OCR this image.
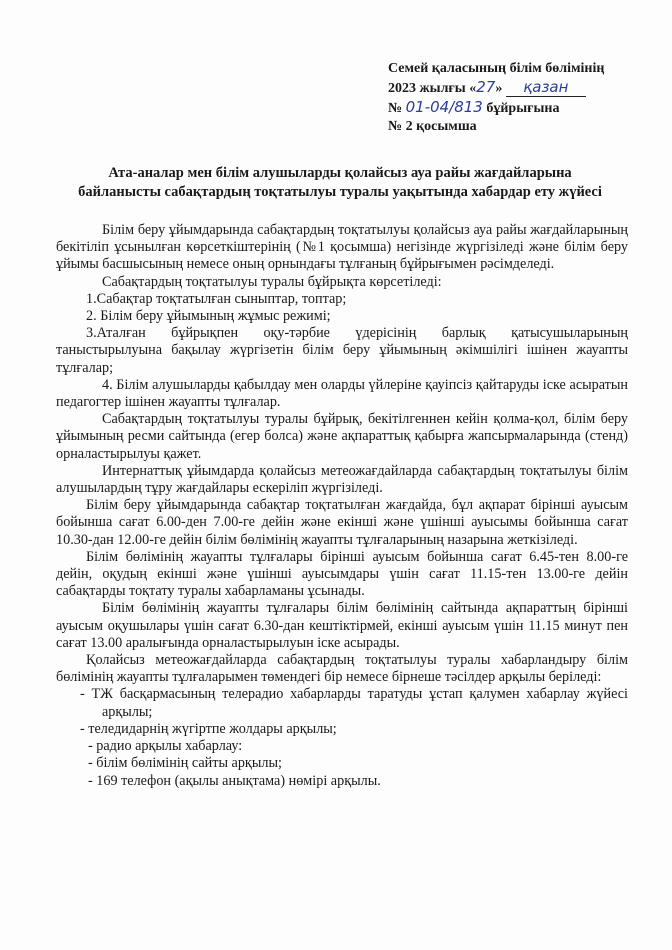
Семей қаласының білім бөлімінің
2023 жылғы «27» қазан
№ 01-04/813 бұйрығына
№ 2 қосымша
Ата-аналар мен білім алушыларды қолайсыз ауа райы жағдайларына
байланысты сабақтардың тоқтатылуы туралы уақытында хабардар ету жүйесі

Білім беру ұйымдарында сабақтардың тоқтатылуы қолайсыз ауа райы жағдайларының бекітіліп ұсынылған көрсеткіштерінің (№1 қосымша) негізінде жүргізіледі және білім беру ұйымы басшысының немесе оның орнындағы тұлғаның бұйрығымен рәсімделеді.

Сабақтардың тоқтатылуы туралы бұйрықта көрсетіледі:

1.Сабақтар тоқтатылған сыныптар, топтар;

2. Білім беру ұйымының жұмыс режимі;

3.Аталған бұйрықпен оқу-тәрбие үдерісінің барлық қатысушыларының таныстырылуына бақылау жүргізетін білім беру ұйымының әкімшілігі ішінен жауапты тұлғалар;

4. Білім алушыларды қабылдау мен оларды үйлеріне қауіпсіз қайтаруды іске асыратын педагогтер ішінен жауапты тұлғалар.

Сабақтардың тоқтатылуы туралы бұйрық, бекітілгеннен кейін қолма-қол, білім беру ұйымының ресми сайтында (егер болса) және ақпараттық қабырға жапсырмаларында (стенд) орналастырылуы қажет.

Интернаттық ұйымдарда қолайсыз метеожағдайларда сабақтардың тоқтатылуы білім алушылардың тұру жағдайлары ескеріліп жүргізіледі.

Білім беру ұйымдарында сабақтар тоқтатылған жағдайда, бұл ақпарат бірінші ауысым бойынша сағат 6.00-ден 7.00-ге дейін және екінші және үшінші ауысымы бойынша сағат 10.30-дан 12.00-ге дейін білім бөлімінің жауапты тұлғаларының назарына жеткізіледі.

Білім бөлімінің жауапты тұлғалары бірінші ауысым бойынша сағат 6.45-тен 8.00-ге дейін, оқудың екінші және үшінші ауысымдары үшін сағат 11.15-тен 13.00-ге дейін сабақтарды тоқтату туралы хабарламаны ұсынады.

Білім бөлімінің жауапты тұлғалары білім бөлімінің сайтында ақпараттың бірінші ауысым оқушылары үшін сағат 6.30-дан кештіктірмей, екінші ауысым үшін 11.15 минут пен сағат 13.00 аралығында орналастырылуын іске асырады.

Қолайсыз метеожағдайларда сабақтардың тоқтатылуы туралы хабарландыру білім бөлімінің жауапты тұлғаларымен төмендегі бір немесе бірнеше тәсілдер арқылы беріледі:

- ТЖ басқармасының телерадио хабарларды таратуды ұстап қалумен хабарлау жүйесі арқылы;

- теледидарнің жүгіртпе жолдары арқылы;

- радио арқылы хабарлау:

- білім бөлімінің сайты арқылы;

- 169 телефон (ақылы анықтама) нөмірі арқылы.
